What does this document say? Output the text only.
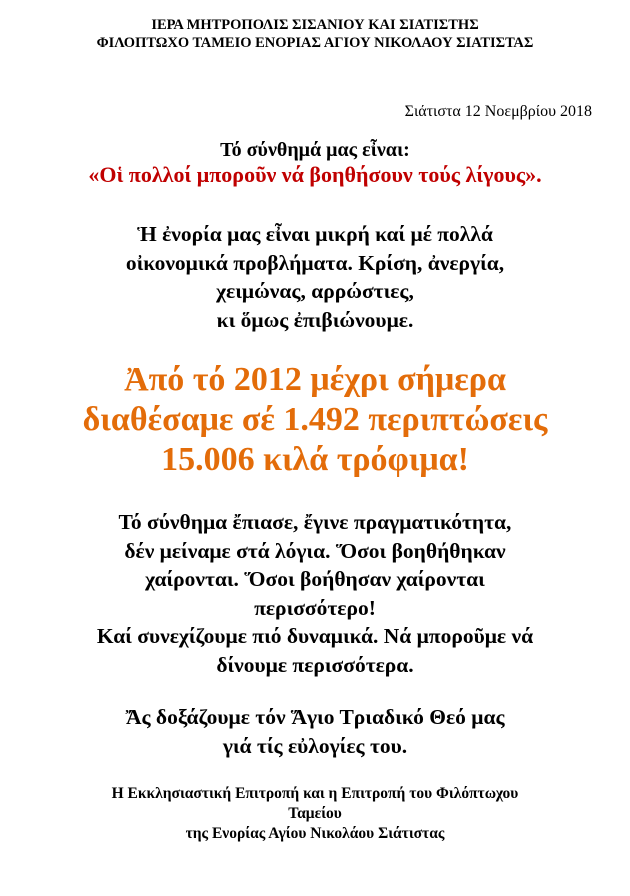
ΙΕΡΑ ΜΗΤΡΟΠΟΛΙΣ ΣΙΣΑΝΙΟΥ ΚΑΙ ΣΙΑΤΙΣΤΗΣ
ΦΙΛΟΠΤΩΧΟ ΤΑΜΕΙΟ ΕΝΟΡΙΑΣ ΑΓΙΟΥ ΝΙΚΟΛΑΟΥ ΣΙΑΤΙΣΤΑΣ
Σιάτιστα 12 Νοεμβρίου 2018
Τό σύνθημά μας εἶναι:
«Οἱ πολλοί μποροῦν νά βοηθήσουν τούς λίγους».
Ἡ ἐνορία μας εἶναι μικρή καί μέ πολλά
οἰκονομικά προβλήματα. Κρίση, ἀνεργία,
χειμώνας, αρρώστιες,
κι ὅμως ἐπιβιώνουμε.
Ἀπό τό 2012 μέχρι σήμερα
διαθέσαμε σέ 1.492 περιπτώσεις
15.006 κιλά τρόφιμα!
Τό σύνθημα ἔπιασε, ἔγινε πραγματικότητα,
δέν μείναμε στά λόγια. Ὅσοι βοηθήθηκαν
χαίρονται. Ὅσοι βοήθησαν χαίρονται
περισσότερο!
Καί συνεχίζουμε πιό δυναμικά. Νά μποροῦμε νά
δίνουμε περισσότερα.
Ἄς δοξάζουμε τόν Ἅγιο Τριαδικό Θεό μας
γιά τίς εὐλογίες του.
Η Εκκλησιαστική Επιτροπή και η Επιτροπή του Φιλόπτωχου
Ταμείου
της Ενορίας Αγίου Νικολάου Σιάτιστας
